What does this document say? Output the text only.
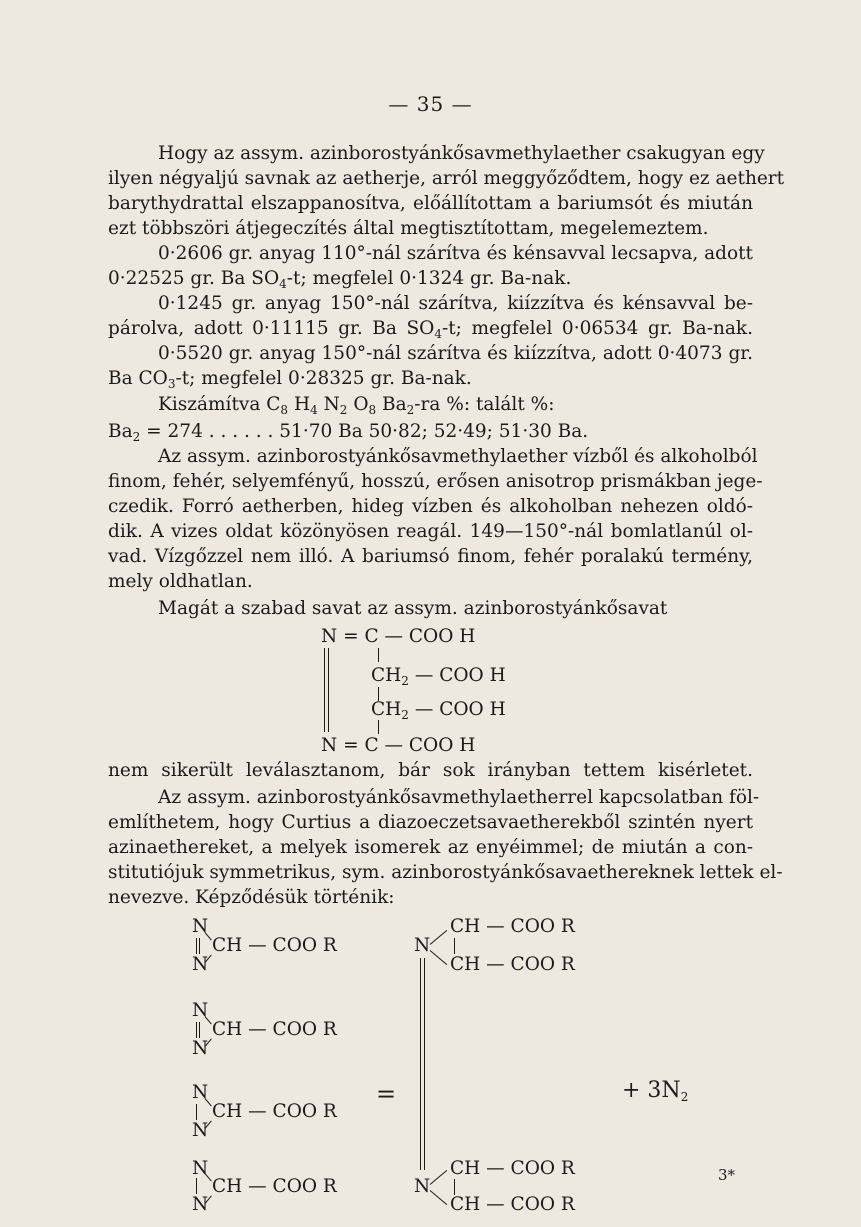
— 35 —
Hogy az assym. azinborostyánkősavmethylaether csakugyan egy
ilyen négyaljú savnak az aetherje, arról meggyőződtem, hogy ez aethert
barythydrattal elszappanosítva, előállítottam a bariumsót és miután
ezt többszöri átjegeczítés által megtisztítottam, megelemeztem.
0·2606 gr. anyag 110°-nál szárítva és kénsavval lecsapva, adott
0·22525 gr. Ba $SO_4-t$; megfelel 0·1324 gr. Ba-nak.
0·1245 gr. anyag 150°-nál szárítva, kiízzítva és kénsavval be-
párolva, adott 0·11115 gr. Ba $SO_4-t$; megfelel 0·06534 gr. Ba-nak.
0·5520 gr. anyag 150°-nál szárítva és kiízzítva, adott 0·4073 gr.
Ba $CO_3-t$; megfelel 0·28325 gr. Ba-nak.
Kiszámítva $C_8$ $H_4$ $N_2$ $O_8$ $Ba_2-ra$ %: talált %:
$Ba_2 = 274$ . . . . . . 51·70 Ba 50·82; 52·49; 51·30 Ba.
Az assym. azinborostyánkősavmethylaether vízből és alkoholból
finom, fehér, selyemfényű, hosszú, erősen anisotrop prismákban jege-
czedik. Forró aetherben, hideg vízben és alkoholban nehezen oldó-
dik. A vizes oldat közönyösen reagál. 149—150°-nál bomlatlanúl ol-
vad. Vízgőzzel nem illó. A bariumsó finom, fehér poralakú termény,
mely oldhatlan.
Magát a szabad savat az assym. azinborostyánkősavat
N = C — COO H
$CH_2$ — COO H
$CH_2$ — COO H
N = C — COO H
nem sikerült leválasztanom, bár sok irányban tettem kisérletet.
Az assym. azinborostyánkősavmethylaetherrel kapcsolatban föl-
említhetem, hogy Curtius a diazoeczetsavaetherekből szintén nyert
azinaethereket, a melyek isomerek az enyéimmel; de miután a con-
stitutiójuk symmetrikus, sym. azinborostyánkősavaethereknek lettek el-
nevezve. Képződésük történik:
N
CH — COO R
N
N
CH — COO R
N
N
CH — COO R
N
N
CH — COO R
N
N
CH — COO R
CH — COO R
=	+ 3N2
N
CH — COO R
CH — COO R
3*
